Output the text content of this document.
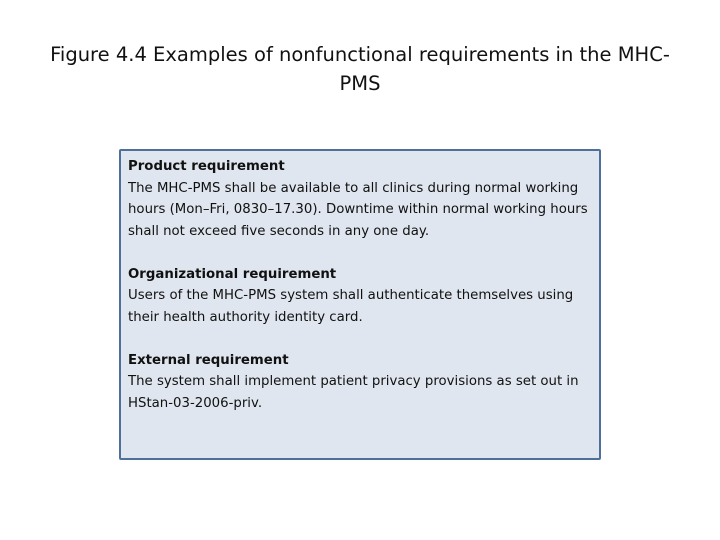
Figure 4.4 Examples of nonfunctional requirements in the MHC-PMS
Product requirement
The MHC-PMS shall be available to all clinics during normal working hours (Mon–Fri, 0830–17.30). Downtime within normal working hours shall not exceed five seconds in any one day.
Organizational requirement
Users of the MHC-PMS system shall authenticate themselves using their health authority identity card.
External requirement
The system shall implement patient privacy provisions as set out in HStan-03-2006-priv.
